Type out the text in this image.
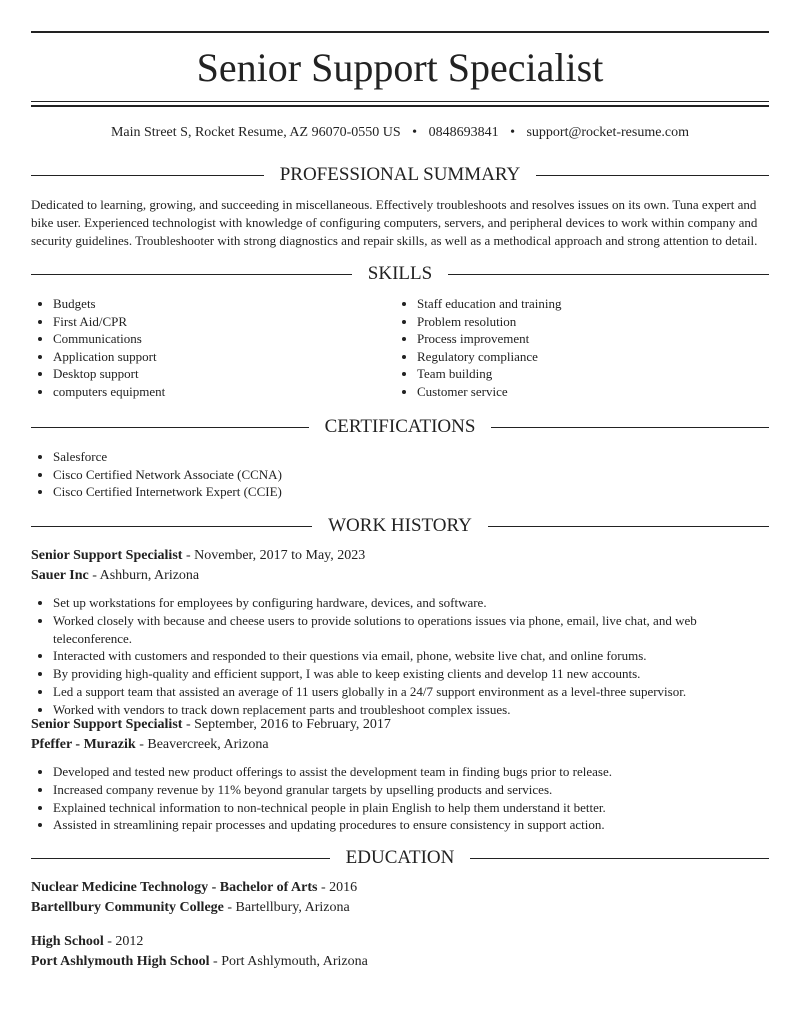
Senior Support Specialist
Main Street S, Rocket Resume, AZ 96070-0550 US • 0848693841 • support@rocket-resume.com
PROFESSIONAL SUMMARY

Dedicated to learning, growing, and succeeding in miscellaneous. Effectively troubleshoots and resolves issues on its own. Tuna expert and bike user. Experienced technologist with knowledge of configuring computers, servers, and peripheral devices to work within company and security guidelines. Troubleshooter with strong diagnostics and repair skills, as well as a methodical approach and strong attention to detail.

SKILLS
• Budgets
• First Aid/CPR
• Communications
• Application support
• Desktop support
• computers equipment
• Staff education and training
• Problem resolution
• Process improvement
• Regulatory compliance
• Team building
• Customer service
CERTIFICATIONS
• Salesforce
• Cisco Certified Network Associate (CCNA)
• Cisco Certified Internetwork Expert (CCIE)
WORK HISTORY
Senior Support Specialist - November, 2017 to May, 2023
Sauer Inc - Ashburn, Arizona
• Set up workstations for employees by configuring hardware, devices, and software.
• Worked closely with because and cheese users to provide solutions to operations issues via phone, email, live chat, and web teleconference.
• Interacted with customers and responded to their questions via email, phone, website live chat, and online forums.
• By providing high-quality and efficient support, I was able to keep existing clients and develop 11 new accounts.
• Led a support team that assisted an average of 11 users globally in a 24/7 support environment as a level-three supervisor.
• Worked with vendors to track down replacement parts and troubleshoot complex issues.
Senior Support Specialist - September, 2016 to February, 2017
Pfeffer - Murazik - Beavercreek, Arizona
• Developed and tested new product offerings to assist the development team in finding bugs prior to release.
• Increased company revenue by 11% beyond granular targets by upselling products and services.
• Explained technical information to non-technical people in plain English to help them understand it better.
• Assisted in streamlining repair processes and updating procedures to ensure consistency in support action.
EDUCATION
Nuclear Medicine Technology - Bachelor of Arts - 2016
Bartellbury Community College - Bartellbury, Arizona
High School - 2012
Port Ashlymouth High School - Port Ashlymouth, Arizona
